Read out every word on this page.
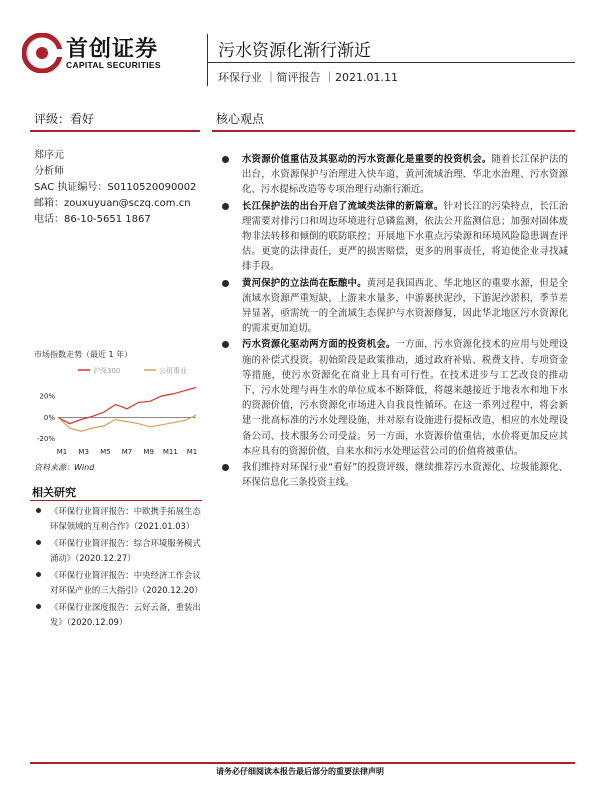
首创证券
CAPITAL SECURITIES
污水资源化渐行渐近
环保行业 ｜简评报告 ｜2021.01.11
评级：看好	核心观点
郑序元
分析师
SAC 执证编号：S0110520090002
邮箱：zouxuyuan@sczq.com.cn
电话：86-10-5651 1867
水资源价值重估及其驱动的污水资源化是重要的投资机会。随着长江保护法的出台，水资源保护与治理进入快车道，黄河流域治理、华北水治理、污水资源化、污水提标改造等专项治理行动渐行渐近。
长江保护法的出台开启了流域类法律的新篇章。针对长江的污染特点，长江治理需要对排污口和周边环境进行总磷监测，依法公开监测信息；加强对固体废物非法转移和倾倒的联防联控；开展地下水重点污染源和环境风险隐患调查评估。更宽的法律责任，更严的损害赔偿，更多的刑事责任，将迫使企业寻找减排手段。
黄河保护的立法尚在酝酿中。黄河是我国西北、华北地区的重要水源，但是全流域水资源严重短缺，上游来水量多，中游裹挟泥沙，下游泥沙淤积，季节差异显著，亟需统一的全流域生态保护与水资源修复，因此华北地区污水资源化的需求更加迫切。
污水资源化驱动两方面的投资机会。一方面，污水资源化技术的应用与处理设施的补偿式投资。初始阶段是政策推动，通过政府补贴、税费支持、专项资金等措施，使污水资源化在商业上具有可行性。在技术进步与工艺改良的推动下，污水处理与再生水的单位成本不断降低，将越来越接近于地表水和地下水的资源价值，污水资源化市场进入自我良性循环。在这一系列过程中，将会新建一批高标准的污水处理设施，并对原有设施进行提标改造，相应的水处理设备公司、技术服务公司受益。另一方面，水资源价值重估，水价将更加反应其本应具有的资源价值，自来水和污水处理运营公司的价值将被重估。
我们维持对环保行业“看好”的投资评级，继续推荐污水资源化、垃圾能源化、环保信息化三条投资主线。
市场指数走势（最近 1 年）
沪深300	公用事业
20%
0%
-20%
M1 M3 M5 M7 M9 M11 M1
资料来源：Wind
相关研究
《环保行业简评报告：中欧携手拓展生态环保领域的互利合作》（2021.01.03）
《环保行业简评报告：综合环境服务模式涌动》（2020.12.27）
《环保行业简评报告：中央经济工作会议对环保产业的三大指引》（2020.12.20）
《环保行业深度报告：云好云备，重装出发》（2020.12.09）
请务必仔细阅读本报告最后部分的重要法律声明
